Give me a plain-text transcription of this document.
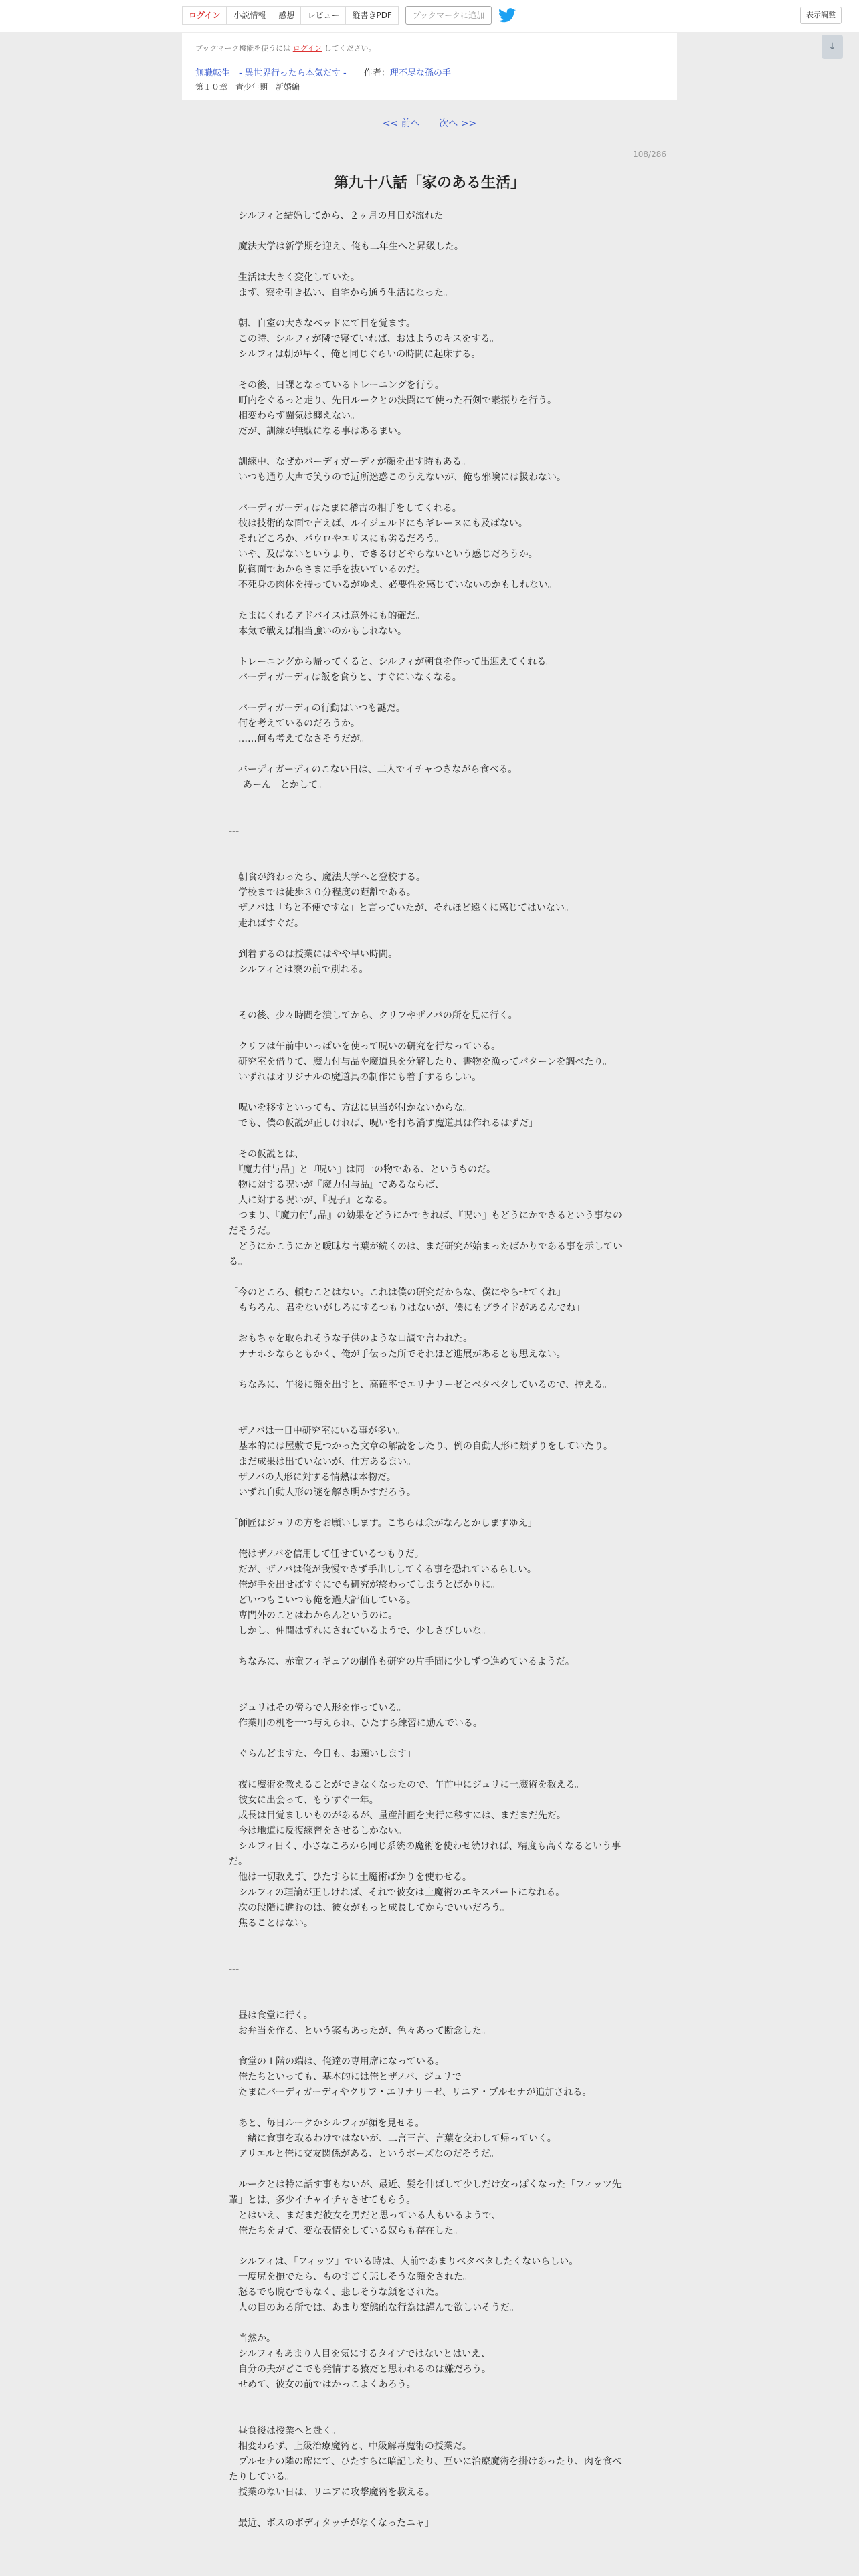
ログイン	小説情報	感想	レビュー	縦書きPDF	ブックマークに追加	表示調整
↓
ブックマーク機能を使うには ログイン してください。
無職転生　- 異世界行ったら本気だす - 作者：理不尽な孫の手
第１０章　青少年期　新婚編
<< 前へ 次へ >>
108/286
第九十八話「家のある生活」

　シルフィと結婚してから、２ヶ月の月日が流れた。

　魔法大学は新学期を迎え、俺も二年生へと昇級した。

　生活は大きく変化していた。

　まず、寮を引き払い、自宅から通う生活になった。

　朝、自室の大きなベッドにて目を覚ます。

　この時、シルフィが隣で寝ていれば、おはようのキスをする。

　シルフィは朝が早く、俺と同じぐらいの時間に起床する。

　その後、日課となっているトレーニングを行う。

　町内をぐるっと走り、先日ルークとの決闘にて使った石剣で素振りを行う。

　相変わらず闘気は纏えない。

　だが、訓練が無駄になる事はあるまい。

　訓練中、なぜかバーディガーディが顔を出す時もある。

　いつも通り大声で笑うので近所迷惑このうえないが、俺も邪険には扱わない。

　バーディガーディはたまに稽古の相手をしてくれる。

　彼は技術的な面で言えば、ルイジェルドにもギレーヌにも及ばない。

　それどころか、パウロやエリスにも劣るだろう。

　いや、及ばないというより、できるけどやらないという感じだろうか。

　防御面であからさまに手を抜いているのだ。

　不死身の肉体を持っているがゆえ、必要性を感じていないのかもしれない。

　たまにくれるアドバイスは意外にも的確だ。

　本気で戦えば相当強いのかもしれない。

　トレーニングから帰ってくると、シルフィが朝食を作って出迎えてくれる。

　バーディガーディは飯を食うと、すぐにいなくなる。

　バーディガーディの行動はいつも謎だ。

　何を考えているのだろうか。

　……何も考えてなさそうだが。

　バーディガーディのこない日は、二人でイチャつきながら食べる。

　「あーん」とかして。

---

　朝食が終わったら、魔法大学へと登校する。

　学校までは徒歩３０分程度の距離である。

　ザノバは「ちと不便ですな」と言っていたが、それほど遠くに感じてはいない。

　走ればすぐだ。

　到着するのは授業にはやや早い時間。

　シルフィとは寮の前で別れる。

　その後、少々時間を潰してから、クリフやザノバの所を見に行く。

　クリフは午前中いっぱいを使って呪いの研究を行なっている。

　研究室を借りて、魔力付与品や魔道具を分解したり、書物を漁ってパターンを調べたり。

　いずれはオリジナルの魔道具の制作にも着手するらしい。

「呪いを移すといっても、方法に見当が付かないからな。

　でも、僕の仮説が正しければ、呪いを打ち消す魔道具は作れるはずだ」

　その仮説とは、

　『魔力付与品』と『呪い』は同一の物である、というものだ。

　物に対する呪いが『魔力付与品』であるならば、

　人に対する呪いが、『呪子』となる。

　つまり、『魔力付与品』の効果をどうにかできれば、『呪い』もどうにかできるという事なのだそうだ。

　どうにかこうにかと曖昧な言葉が続くのは、まだ研究が始まったばかりである事を示している。

「今のところ、頼むことはない。これは僕の研究だからな、僕にやらせてくれ」

　もちろん、君をないがしろにするつもりはないが、僕にもプライドがあるんでね」

　おもちゃを取られそうな子供のような口調で言われた。

　ナナホシならともかく、俺が手伝った所でそれほど進展があるとも思えない。

　ちなみに、午後に顔を出すと、高確率でエリナリーゼとベタベタしているので、控える。

　ザノバは一日中研究室にいる事が多い。

　基本的には屋敷で見つかった文章の解読をしたり、例の自動人形に頬ずりをしていたり。

　まだ成果は出ていないが、仕方あるまい。

　ザノバの人形に対する情熱は本物だ。

　いずれ自動人形の謎を解き明かすだろう。

「師匠はジュリの方をお願いします。こちらは余がなんとかしますゆえ」

　俺はザノバを信用して任せているつもりだ。

　だが、ザノバは俺が我慢できず手出ししてくる事を恐れているらしい。

　俺が手を出せばすぐにでも研究が終わってしまうとばかりに。

　どいつもこいつも俺を過大評価している。

　専門外のことはわからんというのに。

　しかし、仲間はずれにされているようで、少しさびしいな。

　ちなみに、赤竜フィギュアの制作も研究の片手間に少しずつ進めているようだ。

　ジュリはその傍らで人形を作っている。

　作業用の机を一つ与えられ、ひたすら練習に励んでいる。

「ぐらんどますた、今日も、お願いします」

　夜に魔術を教えることができなくなったので、午前中にジュリに土魔術を教える。

　彼女に出会って、もうすぐ一年。

　成長は目覚ましいものがあるが、量産計画を実行に移すには、まだまだ先だ。

　今は地道に反復練習をさせるしかない。

　シルフィ日く、小さなころから同じ系統の魔術を使わせ続ければ、精度も高くなるという事だ。

　他は一切教えず、ひたすらに土魔術ばかりを使わせる。

　シルフィの理論が正しければ、それで彼女は土魔術のエキスパートになれる。

　次の段階に進むのは、彼女がもっと成長してからでいいだろう。

　焦ることはない。

---

　昼は食堂に行く。

　お弁当を作る、という案もあったが、色々あって断念した。

　食堂の１階の端は、俺達の専用席になっている。

　俺たちといっても、基本的には俺とザノバ、ジュリで。

　たまにバーディガーディやクリフ・エリナリーゼ、リニア・プルセナが追加される。

　あと、毎日ルークかシルフィが顔を見せる。

　一緒に食事を取るわけではないが、二言三言、言葉を交わして帰っていく。

　アリエルと俺に交友関係がある、というポーズなのだそうだ。

　ルークとは特に話す事もないが、最近、髪を伸ばして少しだけ女っぽくなった「フィッツ先輩」とは、多少イチャイチャさせてもらう。

　とはいえ、まだまだ彼女を男だと思っている人もいるようで、

　俺たちを見て、変な表情をしている奴らも存在した。

　シルフィは、「フィッツ」でいる時は、人前であまりベタベタしたくないらしい。

　一度尻を撫でたら、ものすごく悲しそうな顔をされた。

　怒るでも睨むでもなく、悲しそうな顔をされた。

　人の目のある所では、あまり変態的な行為は謹んで欲しいそうだ。

　当然か。

　シルフィもあまり人目を気にするタイプではないとはいえ、

　自分の夫がどこでも発情する猿だと思われるのは嫌だろう。

　せめて、彼女の前ではかっこよくあろう。

　昼食後は授業へと赴く。

　相変わらず、上級治療魔術と、中級解毒魔術の授業だ。

　プルセナの隣の席にて、ひたすらに暗記したり、互いに治療魔術を掛けあったり、肉を食べたりしている。

　授業のない日は、リニアに攻撃魔術を教える。

「最近、ボスのボディタッチがなくなったニャ」
